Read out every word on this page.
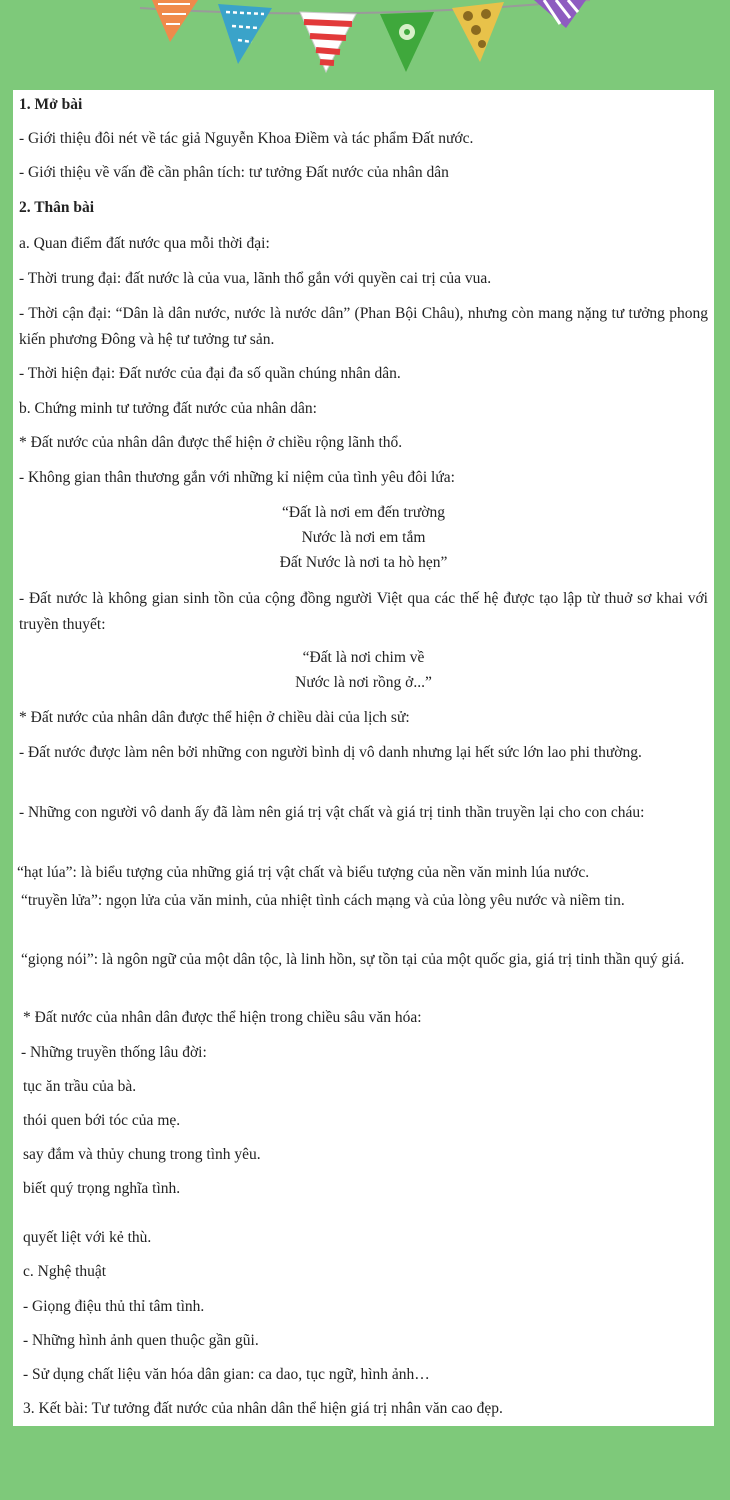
1. Mở bài
- Giới thiệu đôi nét về tác giả Nguyễn Khoa Điềm và tác phẩm Đất nước.
- Giới thiệu về vấn đề cần phân tích: tư tưởng Đất nước của nhân dân
2. Thân bài
a. Quan điểm đất nước qua mỗi thời đại:
- Thời trung đại: đất nước là của vua, lãnh thổ gắn với quyền cai trị của vua.
- Thời cận đại: “Dân là dân nước, nước là nước dân” (Phan Bội Châu), nhưng còn mang nặng tư tưởng phong kiến phương Đông và hệ tư tưởng tư sản.
- Thời hiện đại: Đất nước của đại đa số quần chúng nhân dân.
b. Chứng minh tư tưởng đất nước của nhân dân:
* Đất nước của nhân dân được thể hiện ở chiều rộng lãnh thổ.
- Không gian thân thương gắn với những kỉ niệm của tình yêu đôi lứa:
“Đất là nơi em đến trường
Nước là nơi em tắm
Đất Nước là nơi ta hò hẹn”
- Đất nước là không gian sinh tồn của cộng đồng người Việt qua các thế hệ được tạo lập từ thuở sơ khai với truyền thuyết:
“Đất là nơi chim về
Nước là nơi rồng ở...”
* Đất nước của nhân dân được thể hiện ở chiều dài của lịch sử:
- Đất nước được làm nên bởi những con người bình dị vô danh nhưng lại hết sức lớn lao phi thường.
- Những con người vô danh ấy đã làm nên giá trị vật chất và giá trị tinh thần truyền lại cho con cháu:
“hạt lúa”: là biểu tượng của những giá trị vật chất và biểu tượng của nền văn minh lúa nước.
“truyền lửa”: ngọn lửa của văn minh, của nhiệt tình cách mạng và của lòng yêu nước và niềm tin.
“giọng nói”: là ngôn ngữ của một dân tộc, là linh hồn, sự tồn tại của một quốc gia, giá trị tinh thần quý giá.
* Đất nước của nhân dân được thể hiện trong chiều sâu văn hóa:
- Những truyền thống lâu đời:
tục ăn trầu của bà.
thói quen bới tóc của mẹ.
say đắm và thủy chung trong tình yêu.
biết quý trọng nghĩa tình.
quyết liệt với kẻ thù.
c. Nghệ thuật
- Giọng điệu thủ thỉ tâm tình.
- Những hình ảnh quen thuộc gần gũi.
- Sử dụng chất liệu văn hóa dân gian: ca dao, tục ngữ, hình ảnh…
3. Kết bài: Tư tưởng đất nước của nhân dân thể hiện giá trị nhân văn cao đẹp.
